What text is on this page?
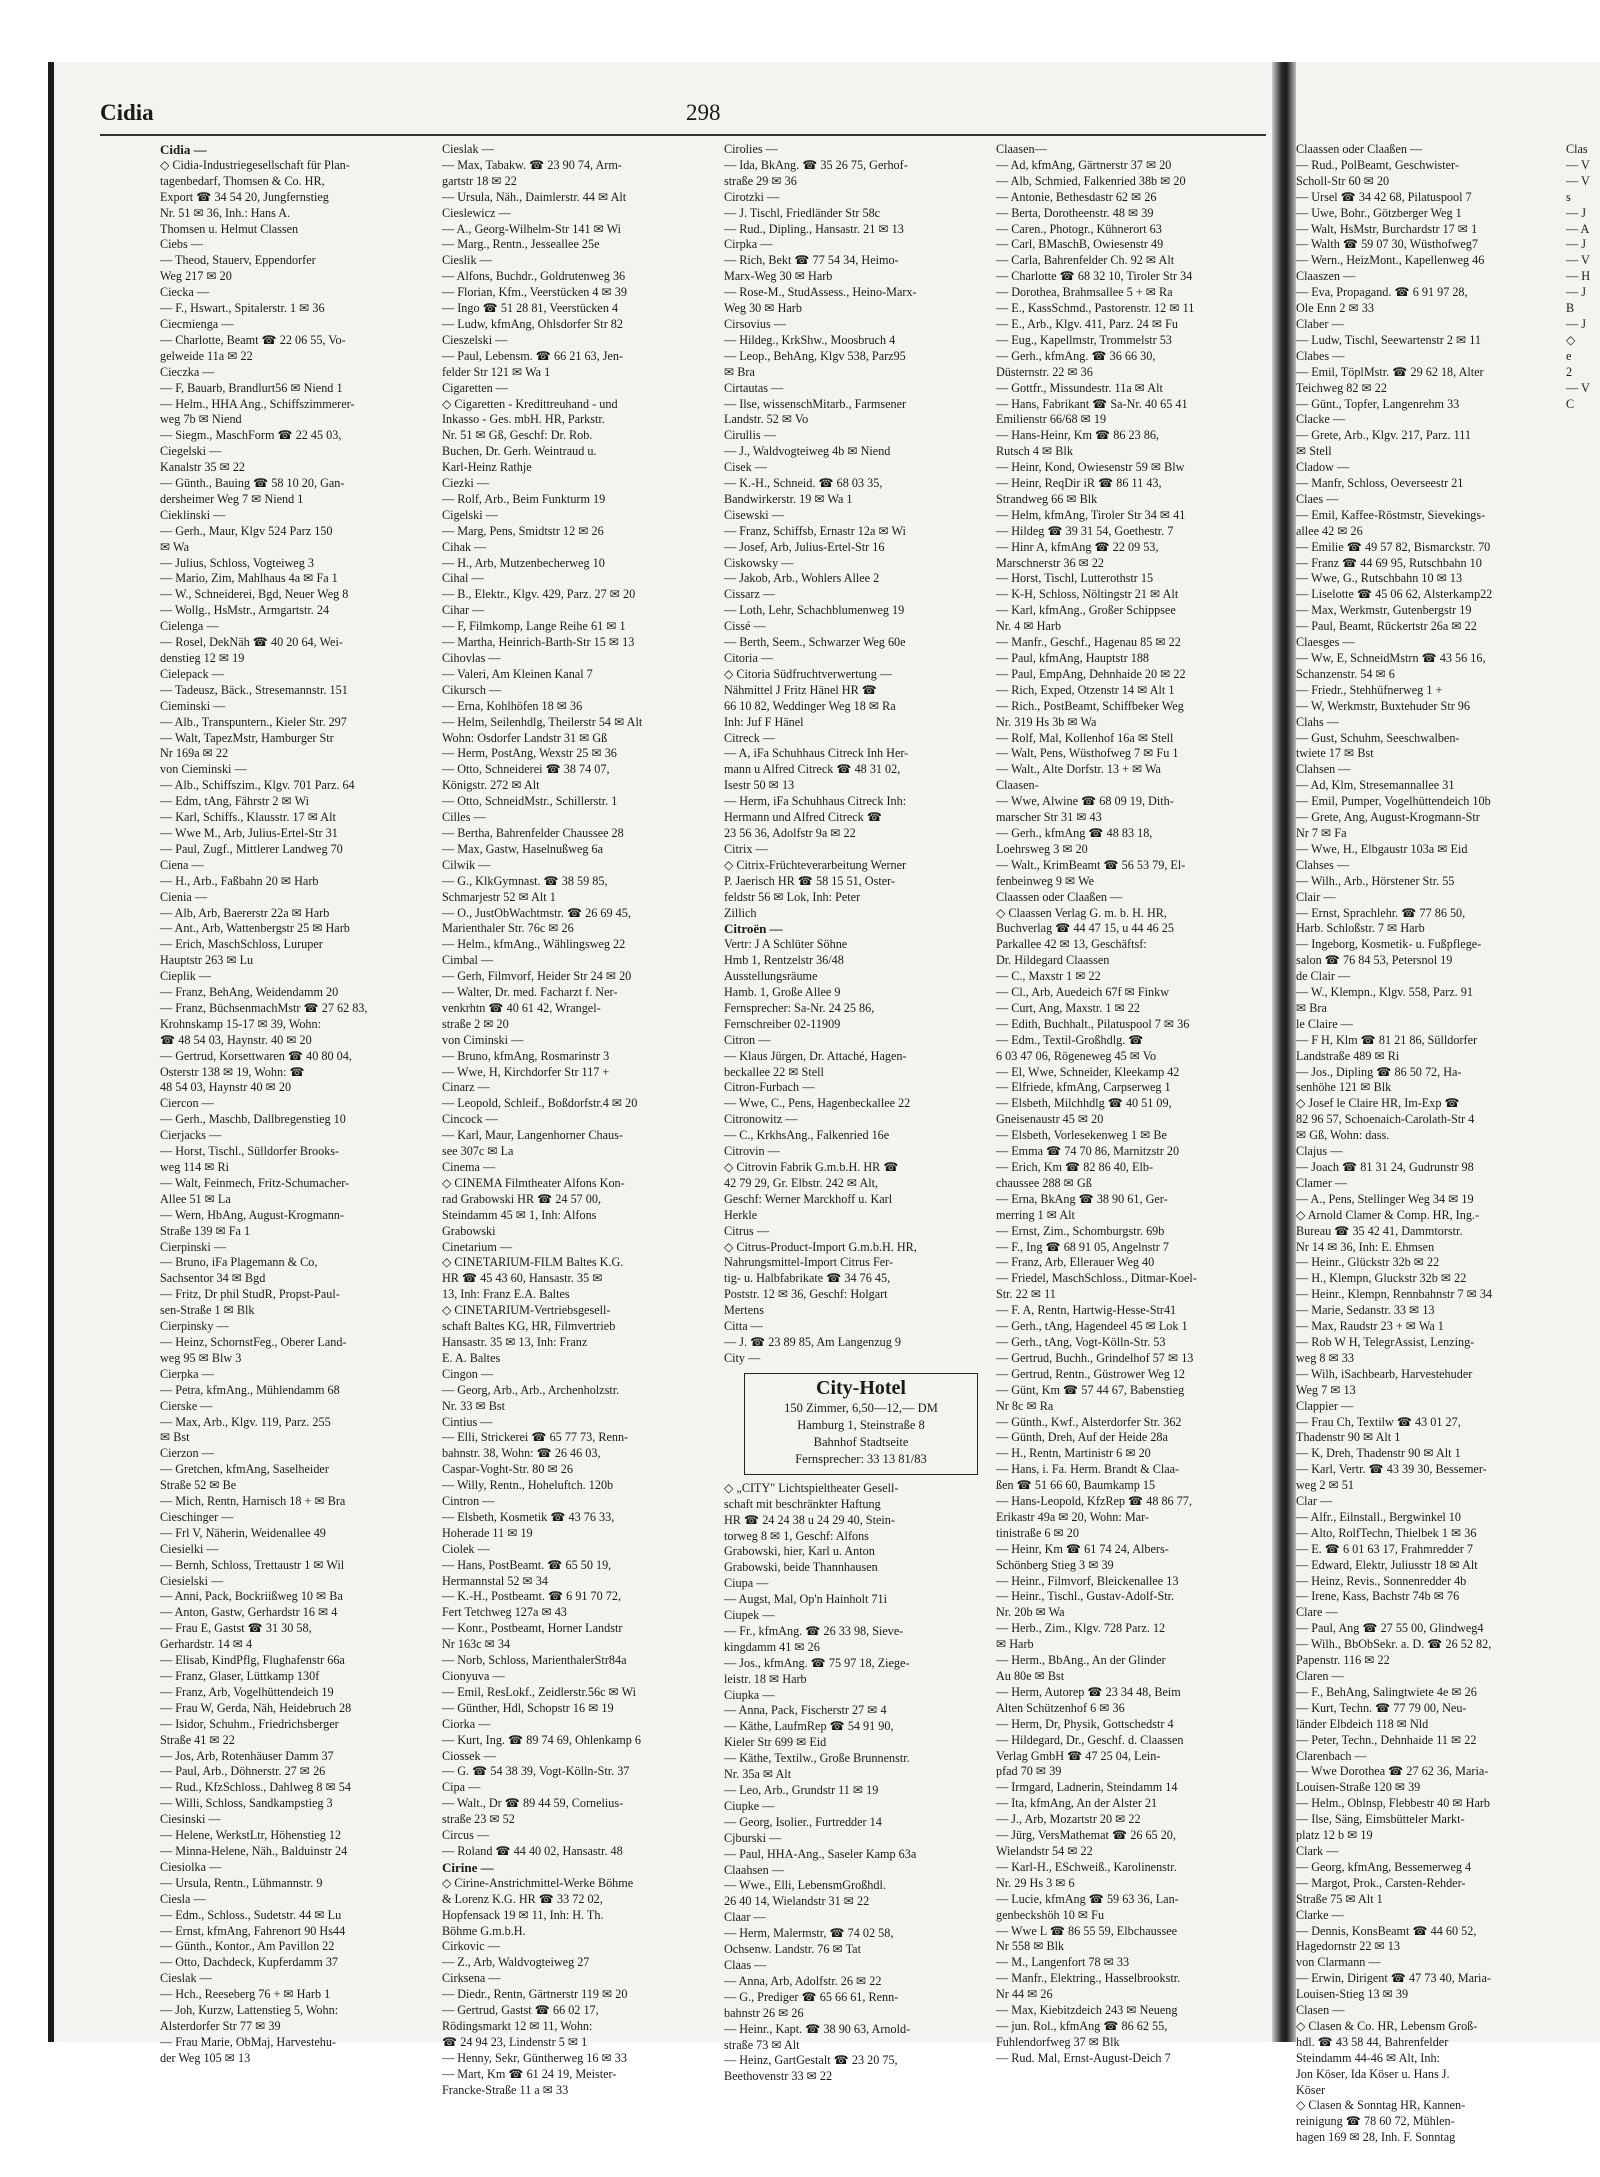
Cidia	298
Cidia —
◇ Cidia-Industriegesellschaft für Plan-
tagenbedarf, Thomsen & Co. HR,
Export ☎ 34 54 20, Jungfernstieg
Nr. 51 ✉ 36, Inh.: Hans A.
Thomsen u. Helmut Classen
Ciebs —
— Theod, Stauerv, Eppendorfer
Weg 217 ✉ 20
Ciecka —
— F., Hswart., Spitalerstr. 1 ✉ 36
Ciecmienga —
— Charlotte, Beamt ☎ 22 06 55, Vo-
gelweide 11a ✉ 22
Cieczka —
— F, Bauarb, Brandlurt56 ✉ Niend 1
— Helm., HHA Ang., Schiffszimmerer-
weg 7b ✉ Niend
— Siegm., MaschForm ☎ 22 45 03,
Ciegelski —
Kanalstr 35 ✉ 22
— Günth., Bauing ☎ 58 10 20, Gan-
dersheimer Weg 7 ✉ Niend 1
Cieklinski —
— Gerh., Maur, Klgv 524 Parz 150
✉ Wa
— Julius, Schloss, Vogteiweg 3
— Mario, Zim, Mahlhaus 4a ✉ Fa 1
— W., Schneiderei, Bgd, Neuer Weg 8
— Wollg., HsMstr., Armgartstr. 24
Cielenga —
— Rosel, DekNäh ☎ 40 20 64, Wei-
denstieg 12 ✉ 19
Cielepack —
— Tadeusz, Bäck., Stresemannstr. 151
Cieminski —
— Alb., Transpuntern., Kieler Str. 297
— Walt, TapezMstr, Hamburger Str
Nr 169a ✉ 22
von Cieminski —
— Alb., Schiffszim., Klgv. 701 Parz. 64
— Edm, tAng, Fährstr 2 ✉ Wi
— Karl, Schiffs., Klausstr. 17 ✉ Alt
— Wwe M., Arb, Julius-Ertel-Str 31
— Paul, Zugf., Mittlerer Landweg 70
Ciena —
— H., Arb., Faßbahn 20 ✉ Harb
Cienia —
— Alb, Arb, Baererstr 22a ✉ Harb
— Ant., Arb, Wattenbergstr 25 ✉ Harb
— Erich, MaschSchloss, Luruper
Hauptstr 263 ✉ Lu
Cieplik —
— Franz, BehAng, Weidendamm 20
— Franz, BüchsenmachMstr ☎ 27 62 83,
Krohnskamp 15-17 ✉ 39, Wohn:
☎ 48 54 03, Haynstr. 40 ✉ 20
— Gertrud, Korsettwaren ☎ 40 80 04,
Osterstr 138 ✉ 19, Wohn: ☎
48 54 03, Haynstr 40 ✉ 20
Ciercon —
— Gerh., Maschb, Dallbregenstieg 10
Cierjacks —
— Horst, Tischl., Sülldorfer Brooks-
weg 114 ✉ Ri
— Walt, Feinmech, Fritz-Schumacher-
Allee 51 ✉ La
— Wern, HbAng, August-Krogmann-
Straße 139 ✉ Fa 1
Cierpinski —
— Bruno, iFa Plagemann & Co,
Sachsentor 34 ✉ Bgd
— Fritz, Dr phil StudR, Propst-Paul-
sen-Straße 1 ✉ Blk
Cierpinsky —
— Heinz, SchornstFeg., Oberer Land-
weg 95 ✉ Blw 3
Cierpka —
— Petra, kfmAng., Mühlendamm 68
Cierske —
— Max, Arb., Klgv. 119, Parz. 255
✉ Bst
Cierzon —
— Gretchen, kfmAng, Saselheider
Straße 52 ✉ Be
— Mich, Rentn, Harnisch 18 + ✉ Bra
Cieschinger —
— Frl V, Näherin, Weidenallee 49
Ciesielki —
— Bernh, Schloss, Trettaustr 1 ✉ Wil
Ciesielski —
— Anni, Pack, Bockriißweg 10 ✉ Ba
— Anton, Gastw, Gerhardstr 16 ✉ 4
— Frau E, Gastst ☎ 31 30 58,
Gerhardstr. 14 ✉ 4
— Elisab, KindPflg, Flughafenstr 66a
— Franz, Glaser, Lüttkamp 130f
— Franz, Arb, Vogelhüttendeich 19
— Frau W, Gerda, Näh, Heidebruch 28
— Isidor, Schuhm., Friedrichsberger
Straße 41 ✉ 22
— Jos, Arb, Rotenhäuser Damm 37
— Paul, Arb., Döhnerstr. 27 ✉ 26
— Rud., KfzSchloss., Dahlweg 8 ✉ 54
— Willi, Schloss, Sandkampstieg 3
Ciesinski —
— Helene, WerkstLtr, Höhenstieg 12
— Minna-Helene, Näh., Balduinstr 24
Ciesiolka —
— Ursula, Rentn., Lühmannstr. 9
Ciesla —
— Edm., Schloss., Sudetstr. 44 ✉ Lu
— Ernst, kfmAng, Fahrenort 90 Hs44
— Günth., Kontor., Am Pavillon 22
— Otto, Dachdeck, Kupferdamm 37
Cieslak —
— Hch., Reeseberg 76 + ✉ Harb 1
— Joh, Kurzw, Lattenstieg 5, Wohn:
Alsterdorfer Str 77 ✉ 39
— Frau Marie, ObMaj, Harvestehu-
der Weg 105 ✉ 13
Cieslak —
— Max, Tabakw. ☎ 23 90 74, Arm-
gartstr 18 ✉ 22
— Ursula, Näh., Daimlerstr. 44 ✉ Alt
Cieslewicz —
— A., Georg-Wilhelm-Str 141 ✉ Wi
— Marg., Rentn., Jesseallee 25e
Cieslik —
— Alfons, Buchdr., Goldrutenweg 36
— Florian, Kfm., Veerstücken 4 ✉ 39
— Ingo ☎ 51 28 81, Veerstücken 4
— Ludw, kfmAng, Ohlsdorfer Str 82
Cieszelski —
— Paul, Lebensm. ☎ 66 21 63, Jen-
felder Str 121 ✉ Wa 1
Cigaretten —
◇ Cigaretten - Kredittreuhand - und
Inkasso - Ges. mbH. HR, Parkstr.
Nr. 51 ✉ Gß, Geschf: Dr. Rob.
Buchen, Dr. Gerh. Weintraud u.
Karl-Heinz Rathje
Ciezki —
— Rolf, Arb., Beim Funkturm 19
Cigelski —
— Marg, Pens, Smidtstr 12 ✉ 26
Cihak —
— H., Arb, Mutzenbecherweg 10
Cihal —
— B., Elektr., Klgv. 429, Parz. 27 ✉ 20
Cihar —
— F, Filmkomp, Lange Reihe 61 ✉ 1
— Martha, Heinrich-Barth-Str 15 ✉ 13
Cihovlas —
— Valeri, Am Kleinen Kanal 7
Cikursch —
— Erna, Kohlhöfen 18 ✉ 36
— Helm, Seilenhdlg, Theilerstr 54 ✉ Alt
Wohn: Osdorfer Landstr 31 ✉ Gß
— Herm, PostAng, Wexstr 25 ✉ 36
— Otto, Schneiderei ☎ 38 74 07,
Königstr. 272 ✉ Alt
— Otto, SchneidMstr., Schillerstr. 1
Cilles —
— Bertha, Bahrenfelder Chaussee 28
— Max, Gastw, Haselnußweg 6a
Cilwik —
— G., KlkGymnast. ☎ 38 59 85,
Schmarjestr 52 ✉ Alt 1
— O., JustObWachtmstr. ☎ 26 69 45,
Marienthaler Str. 76c ✉ 26
— Helm., kfmAng., Wählingsweg 22
Cimbal —
— Gerh, Filmvorf, Heider Str 24 ✉ 20
— Walter, Dr. med. Facharzt f. Ner-
venkrhtn ☎ 40 61 42, Wrangel-
straße 2 ✉ 20
von Ciminski —
— Bruno, kfmAng, Rosmarinstr 3
— Wwe, H, Kirchdorfer Str 117 +
Cinarz —
— Leopold, Schleif., Boßdorfstr.4 ✉ 20
Cincock —
— Karl, Maur, Langenhorner Chaus-
see 307c ✉ La
Cinema —
◇ CINEMA Filmtheater Alfons Kon-
rad Grabowski HR ☎ 24 57 00,
Steindamm 45 ✉ 1, Inh: Alfons
Grabowski
Cinetarium —
◇ CINETARIUM-FILM Baltes K.G.
HR ☎ 45 43 60, Hansastr. 35 ✉
13, Inh: Franz E.A. Baltes
◇ CINETARIUM-Vertriebsgesell-
schaft Baltes KG, HR, Filmvertrieb
Hansastr. 35 ✉ 13, Inh: Franz
E. A. Baltes
Cingon —
— Georg, Arb., Arb., Archenholzstr.
Nr. 33 ✉ Bst
Cintius —
— Elli, Strickerei ☎ 65 77 73, Renn-
bahnstr. 38, Wohn: ☎ 26 46 03,
Caspar-Voght-Str. 80 ✉ 26
— Willy, Rentn., Hoheluftch. 120b
Cintron —
— Elsbeth, Kosmetik ☎ 43 76 33,
Hoherade 11 ✉ 19
Ciolek —
— Hans, PostBeamt. ☎ 65 50 19,
Hermannstal 52 ✉ 34
— K.-H., Postbeamt. ☎ 6 91 70 72,
Fert Tetchweg 127a ✉ 43
— Konr., Postbeamt, Horner Landstr
Nr 163c ✉ 34
— Norb, Schloss, MarienthalerStr84a
Cionyuva —
— Emil, ResLokf., Zeidlerstr.56c ✉ Wi
— Günther, Hdl, Schopstr 16 ✉ 19
Ciorka —
— Kurt, Ing. ☎ 89 74 69, Ohlenkamp 6
Ciossek —
— G. ☎ 54 38 39, Vogt-Kölln-Str. 37
Cipa —
— Walt., Dr ☎ 89 44 59, Cornelius-
straße 23 ✉ 52
Circus —
— Roland ☎ 44 40 02, Hansastr. 48
Cirine —
◇ Cirine-Anstrichmittel-Werke Böhme
& Lorenz K.G. HR ☎ 33 72 02,
Hopfensack 19 ✉ 11, Inh: H. Th.
Böhme G.m.b.H.
Cirkovic —
— Z., Arb, Waldvogteiweg 27
Cirksena —
— Diedr., Rentn, Gärtnerstr 119 ✉ 20
— Gertrud, Gastst ☎ 66 02 17,
Rödingsmarkt 12 ✉ 11, Wohn:
☎ 24 94 23, Lindenstr 5 ✉ 1
— Henny, Sekr, Güntherweg 16 ✉ 33
— Mart, Km ☎ 61 24 19, Meister-
Francke-Straße 11 a ✉ 33
Cirolies —
— Ida, BkAng. ☎ 35 26 75, Gerhof-
straße 29 ✉ 36
Cirotzki —
— J. Tischl, Friedländer Str 58c
— Rud., Dipling., Hansastr. 21 ✉ 13
Cirpka —
— Rich, Bekt ☎ 77 54 34, Heimo-
Marx-Weg 30 ✉ Harb
— Rose-M., StudAssess., Heino-Marx-
Weg 30 ✉ Harb
Cirsovius —
— Hildeg., KrkShw., Moosbruch 4
— Leop., BehAng, Klgv 538, Parz95
✉ Bra
Cirtautas —
— Ilse, wissenschMitarb., Farmsener
Landstr. 52 ✉ Vo
Cirullis —
— J., Waldvogteiweg 4b ✉ Niend
Cisek —
— K.-H., Schneid. ☎ 68 03 35,
Bandwirkerstr. 19 ✉ Wa 1
Cisewski —
— Franz, Schiffsb, Ernastr 12a ✉ Wi
— Josef, Arb, Julius-Ertel-Str 16
Ciskowsky —
— Jakob, Arb., Wohlers Allee 2
Cissarz —
— Loth, Lehr, Schachblumenweg 19
Cissé —
— Berth, Seem., Schwarzer Weg 60e
Citoria —
◇ Citoria Südfruchtverwertung —
Nähmittel J Fritz Hänel HR ☎
66 10 82, Weddinger Weg 18 ✉ Ra
Inh: Juf F Hänel
Citreck —
— A, iFa Schuhhaus Citreck Inh Her-
mann u Alfred Citreck ☎ 48 31 02,
Isestr 50 ✉ 13
— Herm, iFa Schuhhaus Citreck Inh:
Hermann und Alfred Citreck ☎
23 56 36, Adolfstr 9a ✉ 22
Citrix —
◇ Citrix-Früchteverarbeitung Werner
P. Jaerisch HR ☎ 58 15 51, Oster-
feldstr 56 ✉ Lok, Inh: Peter
Zillich
Citroën —
Vertr: J A Schlüter Söhne
Hmb 1, Rentzelstr 36/48
Ausstellungsräume
Hamb. 1, Große Allee 9
Fernsprecher: Sa-Nr. 24 25 86,
Fernschreiber 02-11909
Citron —
— Klaus Jürgen, Dr. Attaché, Hagen-
beckallee 22 ✉ Stell
Citron-Furbach —
— Wwe, C., Pens, Hagenbeckallee 22
Citronowitz —
— C., KrkhsAng., Falkenried 16e
Citrovin —
◇ Citrovin Fabrik G.m.b.H. HR ☎
42 79 29, Gr. Elbstr. 242 ✉ Alt,
Geschf: Werner Marckhoff u. Karl
Herkle
Citrus —
◇ Citrus-Product-Import G.m.b.H. HR,
Nahrungsmittel-Import Citrus Fer-
tig- u. Halbfabrikate ☎ 34 76 45,
Poststr. 12 ✉ 36, Geschf: Holgart
Mertens
Citta —
— J. ☎ 23 89 85, Am Langenzug 9
City —
City-Hotel
150 Zimmer, 6,50—12,— DM
Hamburg 1, Steinstraße 8
Bahnhof Stadtseite
Fernsprecher: 33 13 81/83
◇ „CITY" Lichtspieltheater Gesell-
schaft mit beschränkter Haftung
HR ☎ 24 24 38 u 24 29 40, Stein-
torweg 8 ✉ 1, Geschf: Alfons
Grabowski, hier, Karl u. Anton
Grabowski, beide Thannhausen
Ciupa —
— Augst, Mal, Op'n Hainholt 71i
Ciupek —
— Fr., kfmAng. ☎ 26 33 98, Sieve-
kingdamm 41 ✉ 26
— Jos., kfmAng. ☎ 75 97 18, Ziege-
leistr. 18 ✉ Harb
Ciupka —
— Anna, Pack, Fischerstr 27 ✉ 4
— Käthe, LaufmRep ☎ 54 91 90,
Kieler Str 699 ✉ Eid
— Käthe, Textilw., Große Brunnenstr.
Nr. 35a ✉ Alt
— Leo, Arb., Grundstr 11 ✉ 19
Ciupke —
— Georg, Isolier., Furtredder 14
Cjburski —
— Paul, HHA-Ang., Saseler Kamp 63a
Claahsen —
— Wwe., Elli, LebensmGroßhdl.
26 40 14, Wielandstr 31 ✉ 22
Claar —
— Herm, Malermstr, ☎ 74 02 58,
Ochsenw. Landstr. 76 ✉ Tat
Claas —
— Anna, Arb, Adolfstr. 26 ✉ 22
— G., Prediger ☎ 65 66 61, Renn-
bahnstr 26 ✉ 26
— Heinr., Kapt. ☎ 38 90 63, Arnold-
straße 73 ✉ Alt
— Heinz, GartGestalt ☎ 23 20 75,
Beethovenstr 33 ✉ 22
Claasen—
— Ad, kfmAng, Gärtnerstr 37 ✉ 20
— Alb, Schmied, Falkenried 38b ✉ 20
— Antonie, Bethesdastr 62 ✉ 26
— Berta, Dorotheenstr. 48 ✉ 39
— Caren., Photogr., Kühnerort 63
— Carl, BMaschB, Owiesenstr 49
— Carla, Bahrenfelder Ch. 92 ✉ Alt
— Charlotte ☎ 68 32 10, Tiroler Str 34
— Dorothea, Brahmsallee 5 + ✉ Ra
— E., KassSchmd., Pastorenstr. 12 ✉ 11
— E., Arb., Klgv. 411, Parz. 24 ✉ Fu
— Eug., Kapellmstr, Trommelstr 53
— Gerh., kfmAng. ☎ 36 66 30,
Düsternstr. 22 ✉ 36
— Gottfr., Missundestr. 11a ✉ Alt
— Hans, Fabrikant ☎ Sa-Nr. 40 65 41
Emilienstr 66/68 ✉ 19
— Hans-Heinr, Km ☎ 86 23 86,
Rutsch 4 ✉ Blk
— Heinr, Kond, Owiesenstr 59 ✉ Blw
— Heinr, ReqDir iR ☎ 86 11 43,
Strandweg 66 ✉ Blk
— Helm, kfmAng, Tiroler Str 34 ✉ 41
— Hildeg ☎ 39 31 54, Goethestr. 7
— Hinr A, kfmAng ☎ 22 09 53,
Marschnerstr 36 ✉ 22
— Horst, Tischl, Lutterothstr 15
— K-H, Schloss, Nöltingstr 21 ✉ Alt
— Karl, kfmAng., Großer Schippsee
Nr. 4 ✉ Harb
— Manfr., Geschf., Hagenau 85 ✉ 22
— Paul, kfmAng, Hauptstr 188
— Paul, EmpAng, Dehnhaide 20 ✉ 22
— Rich, Exped, Otzenstr 14 ✉ Alt 1
— Rich., PostBeamt, Schiffbeker Weg
Nr. 319 Hs 3b ✉ Wa
— Rolf, Mal, Kollenhof 16a ✉ Stell
— Walt, Pens, Wüsthofweg 7 ✉ Fu 1
— Walt., Alte Dorfstr. 13 + ✉ Wa
Claasen-
— Wwe, Alwine ☎ 68 09 19, Dith-
marscher Str 31 ✉ 43
— Gerh., kfmAng ☎ 48 83 18,
Loehrsweg 3 ✉ 20
— Walt., KrimBeamt ☎ 56 53 79, El-
fenbeinweg 9 ✉ We
Claassen oder Claaßen —
◇ Claassen Verlag G. m. b. H. HR,
Buchverlag ☎ 44 47 15, u 44 46 25
Parkallee 42 ✉ 13, Geschäftsf:
Dr. Hildegard Claassen
— C., Maxstr 1 ✉ 22
— Cl., Arb, Auedeich 67f ✉ Finkw
— Curt, Ang, Maxstr. 1 ✉ 22
— Edith, Buchhalt., Pilatuspool 7 ✉ 36
— Edm., Textil-Großhdlg. ☎
6 03 47 06, Rögeneweg 45 ✉ Vo
— El, Wwe, Schneider, Kleekamp 42
— Elfriede, kfmAng, Carpserweg 1
— Elsbeth, Milchhdlg ☎ 40 51 09,
Gneisenaustr 45 ✉ 20
— Elsbeth, Vorlesekenweg 1 ✉ Be
— Emma ☎ 74 70 86, Marnitzstr 20
— Erich, Km ☎ 82 86 40, Elb-
chaussee 288 ✉ Gß
— Erna, BkAng ☎ 38 90 61, Ger-
merring 1 ✉ Alt
— Ernst, Zim., Schomburgstr. 69b
— F., Ing ☎ 68 91 05, Angelnstr 7
— Franz, Arb, Ellerauer Weg 40
— Friedel, MaschSchloss., Ditmar-Koel-
Str. 22 ✉ 11
— F. A, Rentn, Hartwig-Hesse-Str41
— Gerh., tAng, Hagendeel 45 ✉ Lok 1
— Gerh., tAng, Vogt-Kölln-Str. 53
— Gertrud, Buchh., Grindelhof 57 ✉ 13
— Gertrud, Rentn., Güstrower Weg 12
— Günt, Km ☎ 57 44 67, Babenstieg
Nr 8c ✉ Ra
— Günth., Kwf., Alsterdorfer Str. 362
— Günth, Dreh, Auf der Heide 28a
— H., Rentn, Martinistr 6 ✉ 20
— Hans, i. Fa. Herm. Brandt & Claa-
ßen ☎ 51 66 60, Baumkamp 15
— Hans-Leopold, KfzRep ☎ 48 86 77,
Erikastr 49a ✉ 20, Wohn: Mar-
tinistraße 6 ✉ 20
— Heinr, Km ☎ 61 74 24, Albers-
Schönberg Stieg 3 ✉ 39
— Heinr., Filmvorf, Bleickenallee 13
— Heinr., Tischl., Gustav-Adolf-Str.
Nr. 20b ✉ Wa
— Herb., Zim., Klgv. 728 Parz. 12
✉ Harb
— Herm., BbAng., An der Glinder
Au 80e ✉ Bst
— Herm, Autorep ☎ 23 34 48, Beim
Alten Schützenhof 6 ✉ 36
— Herm, Dr, Physik, Gottschedstr 4
— Hildegard, Dr., Geschf. d. Claassen
Verlag GmbH ☎ 47 25 04, Lein-
pfad 70 ✉ 39
— Irmgard, Ladnerin, Steindamm 14
— Ita, kfmAng, An der Alster 21
— J., Arb, Mozartstr 20 ✉ 22
— Jürg, VersMathemat ☎ 26 65 20,
Wielandstr 54 ✉ 22
— Karl-H., ESchweiß., Karolinenstr.
Nr. 29 Hs 3 ✉ 6
— Lucie, kfmAng ☎ 59 63 36, Lan-
genbeckshöh 10 ✉ Fu
— Wwe L ☎ 86 55 59, Elbchaussee
Nr 558 ✉ Blk
— M., Langenfort 78 ✉ 33
— Manfr., Elektring., Hasselbrookstr.
Nr 44 ✉ 26
— Max, Kiebitzdeich 243 ✉ Neueng
— jun. Rol., kfmAng ☎ 86 62 55,
Fuhlendorfweg 37 ✉ Blk
— Rud. Mal, Ernst-August-Deich 7
Claassen oder Claaßen —
— Rud., PolBeamt, Geschwister-
Scholl-Str 60 ✉ 20
— Ursel ☎ 34 42 68, Pilatuspool 7
— Uwe, Bohr., Götzberger Weg 1
— Walt, HsMstr, Burchardstr 17 ✉ 1
— Walth ☎ 59 07 30, Wüsthofweg7
— Wern., HeizMont., Kapellenweg 46
Claaszen —
— Eva, Propagand. ☎ 6 91 97 28,
Ole Enn 2 ✉ 33
Claber —
— Ludw, Tischl, Seewartenstr 2 ✉ 11
Clabes —
— Emil, TöplMstr. ☎ 29 62 18, Alter
Teichweg 82 ✉ 22
— Günt., Topfer, Langenrehm 33
Clacke —
— Grete, Arb., Klgv. 217, Parz. 111
✉ Stell
Cladow —
— Manfr, Schloss, Oeverseestr 21
Claes —
— Emil, Kaffee-Röstmstr, Sievekings-
allee 42 ✉ 26
— Emilie ☎ 49 57 82, Bismarckstr. 70
— Franz ☎ 44 69 95, Rutschbahn 10
— Wwe, G., Rutschbahn 10 ✉ 13
— Liselotte ☎ 45 06 62, Alsterkamp22
— Max, Werkmstr, Gutenbergstr 19
— Paul, Beamt, Rückertstr 26a ✉ 22
Claesges —
— Ww, E, SchneidMstrn ☎ 43 56 16,
Schanzenstr. 54 ✉ 6
— Friedr., Stehhüfnerweg 1 +
— W, Werkmstr, Buxtehuder Str 96
Clahs —
— Gust, Schuhm, Seeschwalben-
twiete 17 ✉ Bst
Clahsen —
— Ad, Klm, Stresemannallee 31
— Emil, Pumper, Vogelhüttendeich 10b
— Grete, Ang, August-Krogmann-Str
Nr 7 ✉ Fa
— Wwe, H., Elbgaustr 103a ✉ Eid
Clahses —
— Wilh., Arb., Hörstener Str. 55
Clair —
— Ernst, Sprachlehr. ☎ 77 86 50,
Harb. Schloßstr. 7 ✉ Harb
— Ingeborg, Kosmetik- u. Fußpflege-
salon ☎ 76 84 53, Petersnol 19
de Clair —
— W., Klempn., Klgv. 558, Parz. 91
✉ Bra
le Claire —
— F H, Klm ☎ 81 21 86, Sülldorfer
Landstraße 489 ✉ Ri
— Jos., Dipling ☎ 86 50 72, Ha-
senhöhe 121 ✉ Blk
◇ Josef le Claire HR, Im-Exp ☎
82 96 57, Schoenaich-Carolath-Str 4
✉ Gß, Wohn: dass.
Clajus —
— Joach ☎ 81 31 24, Gudrunstr 98
Clamer —
— A., Pens, Stellinger Weg 34 ✉ 19
◇ Arnold Clamer & Comp. HR, Ing.-
Bureau ☎ 35 42 41, Dammtorstr.
Nr 14 ✉ 36, Inh: E. Ehmsen
— Heinr., Glückstr 32b ✉ 22
— H., Klempn, Gluckstr 32b ✉ 22
— Heinr., Klempn, Rennbahnstr 7 ✉ 34
— Marie, Sedanstr. 33 ✉ 13
— Max, Raudstr 23 + ✉ Wa 1
— Rob W H, TelegrAssist, Lenzing-
weg 8 ✉ 33
— Wilh, iSachbearb, Harvestehuder
Weg 7 ✉ 13
Clappier —
— Frau Ch, Textilw ☎ 43 01 27,
Thadenstr 90 ✉ Alt 1
— K, Dreh, Thadenstr 90 ✉ Alt 1
— Karl, Vertr. ☎ 43 39 30, Bessemer-
weg 2 ✉ 51
Clar —
— Alfr., Eilnstall., Bergwinkel 10
— Alto, RolfTechn, Thielbek 1 ✉ 36
— E. ☎ 6 01 63 17, Frahmredder 7
— Edward, Elektr, Juliusstr 18 ✉ Alt
— Heinz, Revis., Sonnenredder 4b
— Irene, Kass, Bachstr 74b ✉ 76
Clare —
— Paul, Ang ☎ 27 55 00, Glindweg4
— Wilh., BbObSekr. a. D. ☎ 26 52 82,
Papenstr. 116 ✉ 22
Claren —
— F., BehAng, Salingtwiete 4e ✉ 26
— Kurt, Techn. ☎ 77 79 00, Neu-
länder Elbdeich 118 ✉ Nld
— Peter, Techn., Dehnhaide 11 ✉ 22
Clarenbach —
— Wwe Dorothea ☎ 27 62 36, Maria-
Louisen-Straße 120 ✉ 39
— Helm., Oblnsp, Flebbestr 40 ✉ Harb
— Ilse, Säng, Eimsbütteler Markt-
platz 12 b ✉ 19
Clark —
— Georg, kfmAng, Bessemerweg 4
— Margot, Prok., Carsten-Rehder-
Straße 75 ✉ Alt 1
Clarke —
— Dennis, KonsBeamt ☎ 44 60 52,
Hagedornstr 22 ✉ 13
von Clarmann —
— Erwin, Dirigent ☎ 47 73 40, Maria-
Louisen-Stieg 13 ✉ 39
Clasen —
◇ Clasen & Co. HR, Lebensm Groß-
hdl. ☎ 43 58 44, Bahrenfelder
Steindamm 44-46 ✉ Alt, Inh:
Jon Köser, Ida Köser u. Hans J.
Köser
◇ Clasen & Sonntag HR, Kannen-
reinigung ☎ 78 60 72, Mühlen-
hagen 169 ✉ 28, Inh. F. Sonntag
Clas
— V
— V
s
— J
— A
— J
— V
— H
— J
B
— J
◇
e
2
— V
C
